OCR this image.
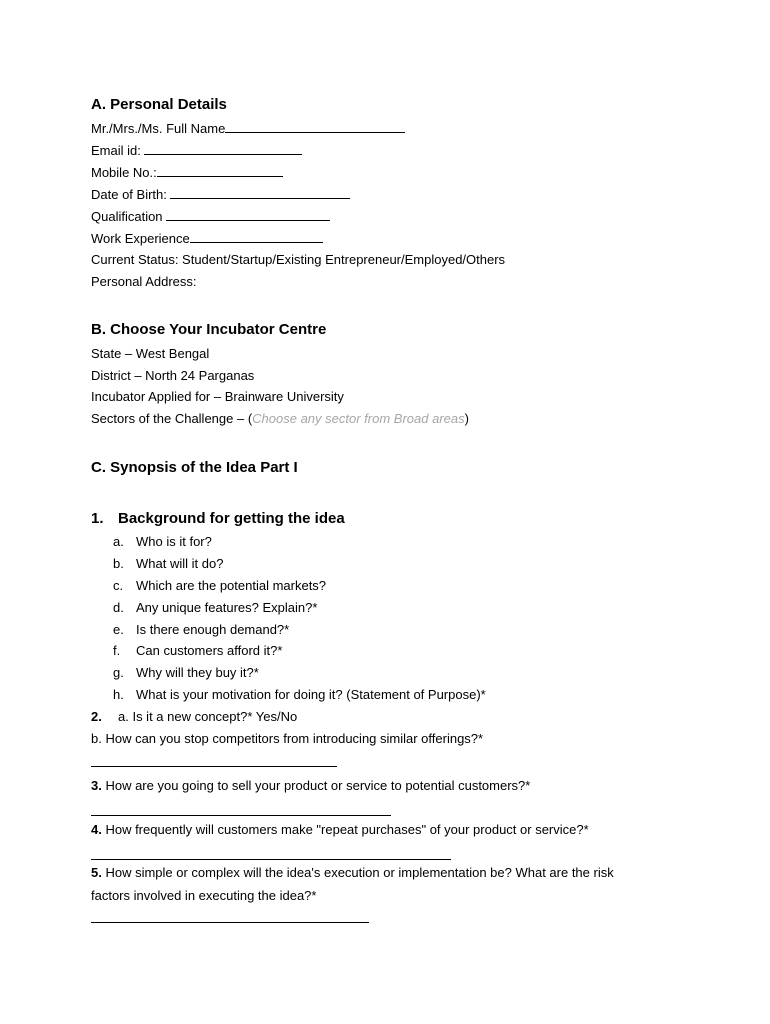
A. Personal Details
Mr./Mrs./Ms. Full Name
Email id:
Mobile No.:
Date of Birth:
Qualification
Work Experience
Current Status: Student/Startup/Existing Entrepreneur/Employed/Others
Personal Address:
B. Choose Your Incubator Centre
State – West Bengal
District – North 24 Parganas
Incubator Applied for – Brainware University
Sectors of the Challenge – (Choose any sector from Broad areas)
C. Synopsis of the Idea Part I
1. Background for getting the idea
a. Who is it for?
b. What will it do?
c. Which are the potential markets?
d. Any unique features? Explain?*
e. Is there enough demand?*
f. Can customers afford it?*
g. Why will they buy it?*
h. What is your motivation for doing it? (Statement of Purpose)*
2. a. Is it a new concept?* Yes/No
b. How can you stop competitors from introducing similar offerings?*
3. How are you going to sell your product or service to potential customers?*
4. How frequently will customers make "repeat purchases" of your product or service?*
5. How simple or complex will the idea's execution or implementation be? What are the risk
factors involved in executing the idea?*
